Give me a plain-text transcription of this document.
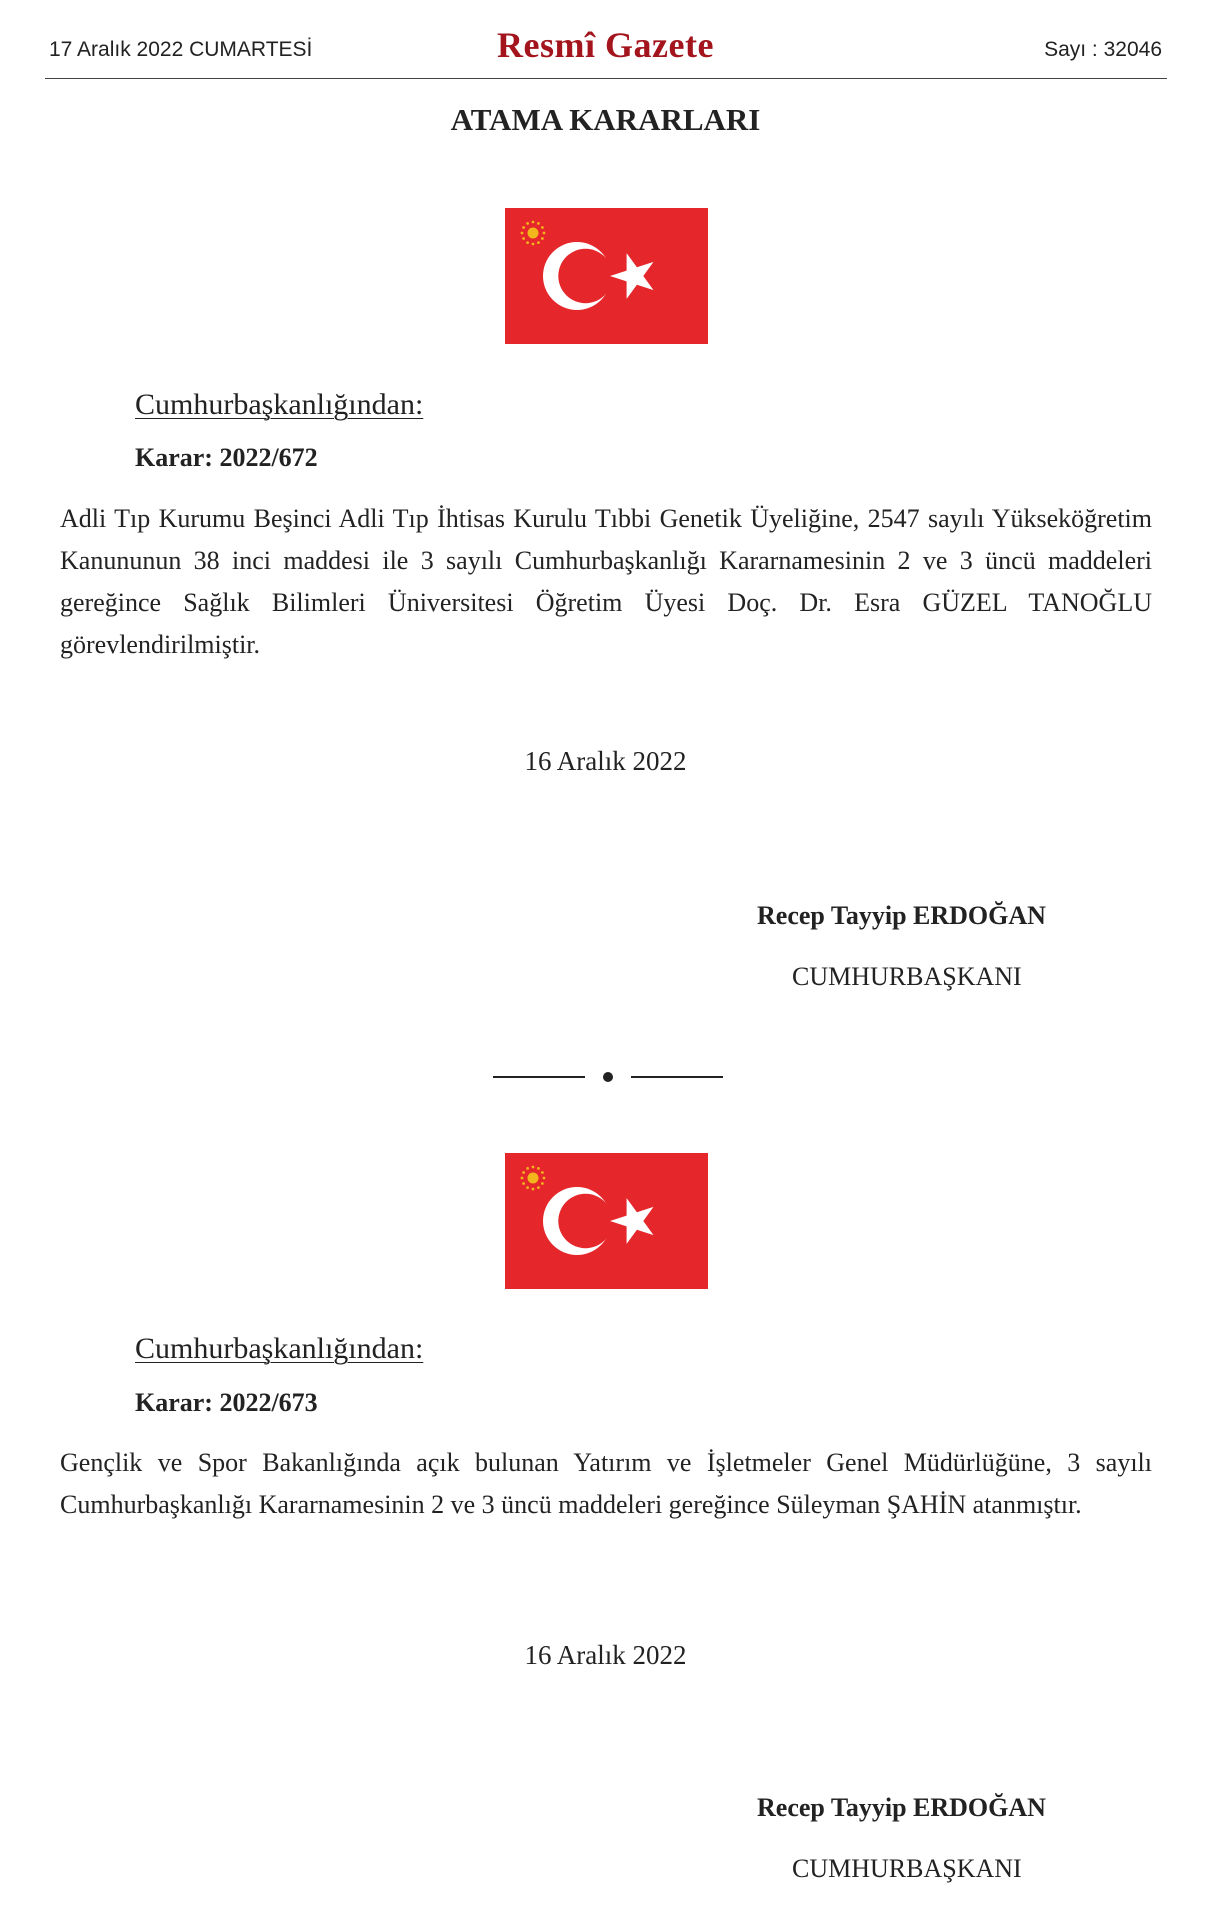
17 Aralık 2022 CUMARTESİ	Resmî Gazete	Sayı : 32046
ATAMA KARARLARI
Cumhurbaşkanlığından:
Karar: 2022/672
Adli Tıp Kurumu Beşinci Adli Tıp İhtisas Kurulu Tıbbi Genetik Üyeliğine, 2547 sayılı Yükseköğretim Kanununun 38 inci maddesi ile 3 sayılı Cumhurbaşkanlığı Kararnamesinin 2 ve 3 üncü maddeleri gereğince Sağlık Bilimleri Üniversitesi Öğretim Üyesi Doç. Dr. Esra GÜZEL TANOĞLU görevlendirilmiştir.
16 Aralık 2022
Recep Tayyip ERDOĞAN
CUMHURBAŞKANI
Cumhurbaşkanlığından:
Karar: 2022/673
Gençlik ve Spor Bakanlığında açık bulunan Yatırım ve İşletmeler Genel Müdürlüğüne, 3 sayılı Cumhurbaşkanlığı Kararnamesinin 2 ve 3 üncü maddeleri gereğince Süleyman ŞAHİN atanmıştır.
16 Aralık 2022
Recep Tayyip ERDOĞAN
CUMHURBAŞKANI
